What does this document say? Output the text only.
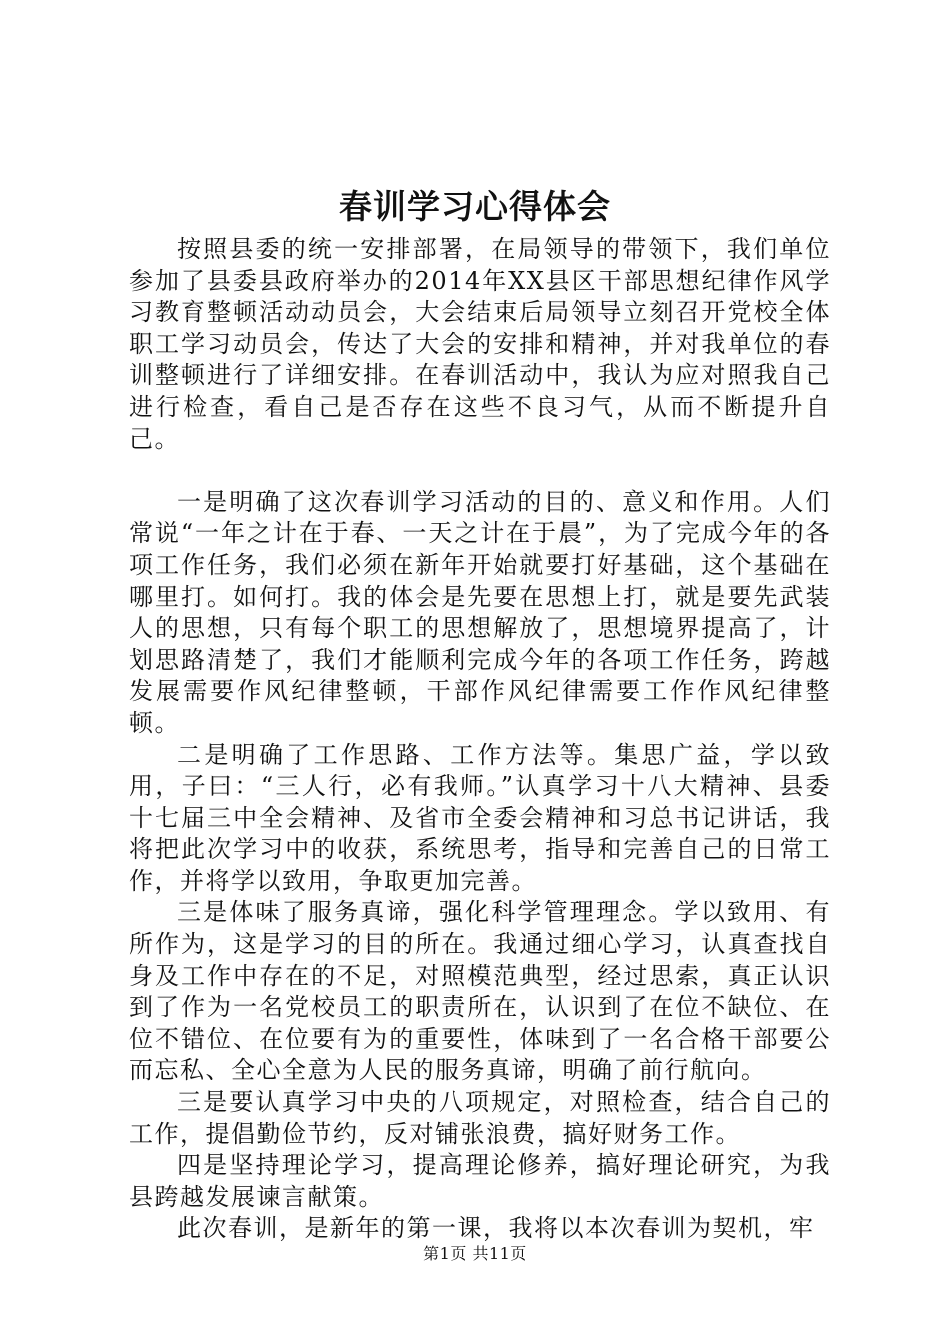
春训学习心得体会

按照县委的统一安排部署，在局领导的带领下，我们单位参加了县委县政府举办的2014年XX县区干部思想纪律作风学习教育整顿活动动员会，大会结束后局领导立刻召开党校全体职工学习动员会，传达了大会的安排和精神，并对我单位的春训整顿进行了详细安排。在春训活动中，我认为应对照我自己进行检查，看自己是否存在这些不良习气，从而不断提升自己。

一是明确了这次春训学习活动的目的、意义和作用。人们常说“一年之计在于春、一天之计在于晨”，为了完成今年的各项工作任务，我们必须在新年开始就要打好基础，这个基础在哪里打。如何打。我的体会是先要在思想上打，就是要先武装人的思想，只有每个职工的思想解放了，思想境界提高了，计划思路清楚了，我们才能顺利完成今年的各项工作任务，跨越发展需要作风纪律整顿，干部作风纪律需要工作作风纪律整顿。

二是明确了工作思路、工作方法等。集思广益，学以致用，子曰：“三人行，必有我师。”认真学习十八大精神、县委十七届三中全会精神、及省市全委会精神和习总书记讲话，我将把此次学习中的收获，系统思考，指导和完善自己的日常工作，并将学以致用，争取更加完善。

三是体味了服务真谛，强化科学管理理念。学以致用、有所作为，这是学习的目的所在。我通过细心学习，认真查找自身及工作中存在的不足，对照模范典型，经过思索，真正认识到了作为一名党校员工的职责所在，认识到了在位不缺位、在位不错位、在位要有为的重要性，体味到了一名合格干部要公而忘私、全心全意为人民的服务真谛，明确了前行航向。

三是要认真学习中央的八项规定，对照检查，结合自己的工作，提倡勤俭节约，反对铺张浪费，搞好财务工作。

四是坚持理论学习，提高理论修养，搞好理论研究，为我县跨越发展谏言献策。

此次春训，是新年的第一课，我将以本次春训为契机，牢

第1页 共11页
